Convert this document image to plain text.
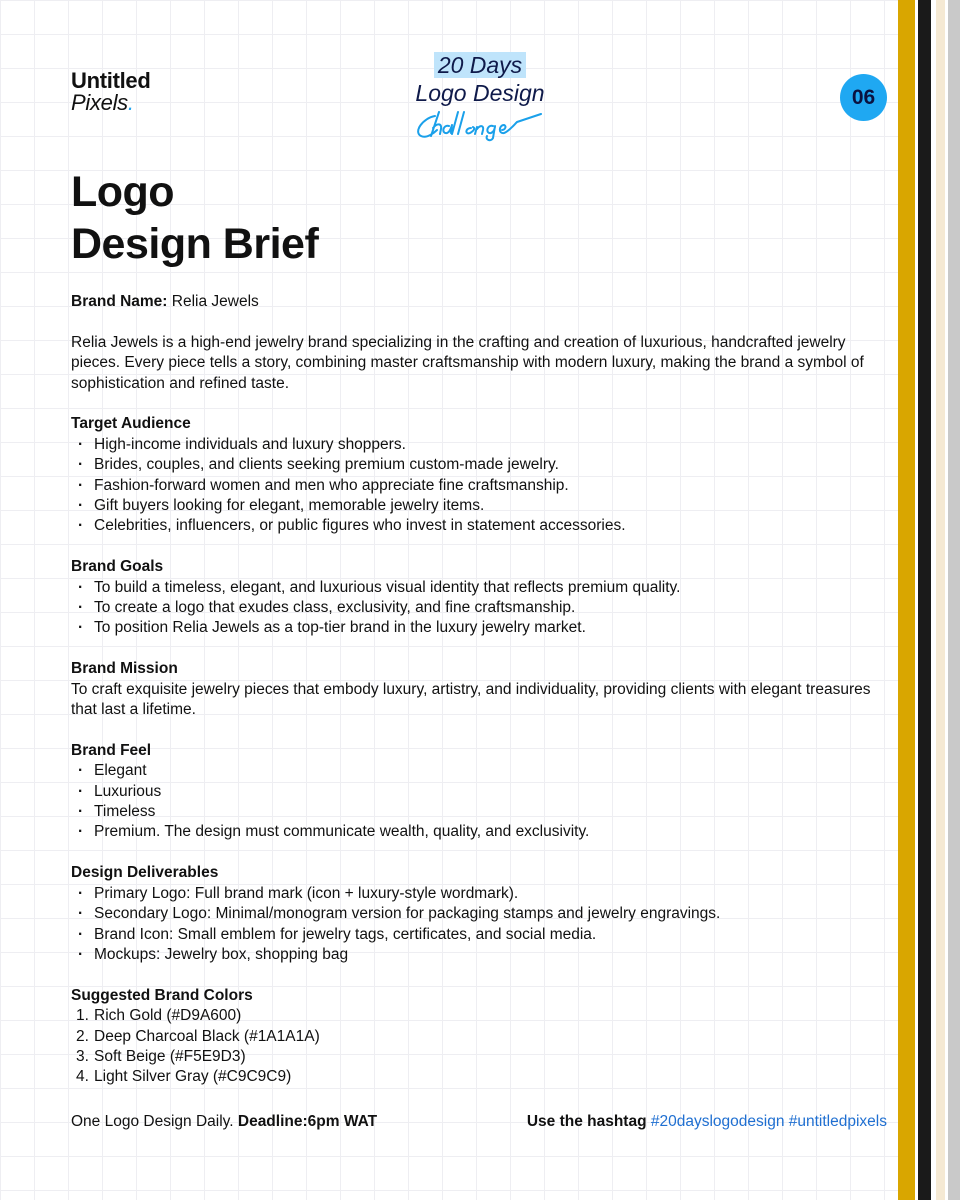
Untitled
Pixels.
20 Days
Logo Design	06
Logo
Design Brief

Brand Name: Relia Jewels

Relia Jewels is a high-end jewelry brand specializing in the crafting and creation of luxurious, handcrafted jewelry pieces. Every piece tells a story, combining master craftsmanship with modern luxury, making the brand a symbol of sophistication and refined taste.

Target Audience

· High-income individuals and luxury shoppers.
· Brides, couples, and clients seeking premium custom-made jewelry.
· Fashion-forward women and men who appreciate fine craftsmanship.
· Gift buyers looking for elegant, memorable jewelry items.
· Celebrities, influencers, or public figures who invest in statement accessories.

Brand Goals

· To build a timeless, elegant, and luxurious visual identity that reflects premium quality.
· To create a logo that exudes class, exclusivity, and fine craftsmanship.
· To position Relia Jewels as a top-tier brand in the luxury jewelry market.

Brand Mission

To craft exquisite jewelry pieces that embody luxury, artistry, and individuality, providing clients with elegant treasures that last a lifetime.

Brand Feel

· Elegant
· Luxurious
· Timeless
· Premium. The design must communicate wealth, quality, and exclusivity.

Design Deliverables

· Primary Logo: Full brand mark (icon + luxury-style wordmark).
· Secondary Logo: Minimal/monogram version for packaging stamps and jewelry engravings.
· Brand Icon: Small emblem for jewelry tags, certificates, and social media.
· Mockups: Jewelry box, shopping bag

Suggested Brand Colors

1. Rich Gold (#D9A600)
2. Deep Charcoal Black (#1A1A1A)
3. Soft Beige (#F5E9D3)
4. Light Silver Gray (#C9C9C9)
One Logo Design Daily. Deadline:6pm WAT	Use the hashtag #20dayslogodesign #untitledpixels
